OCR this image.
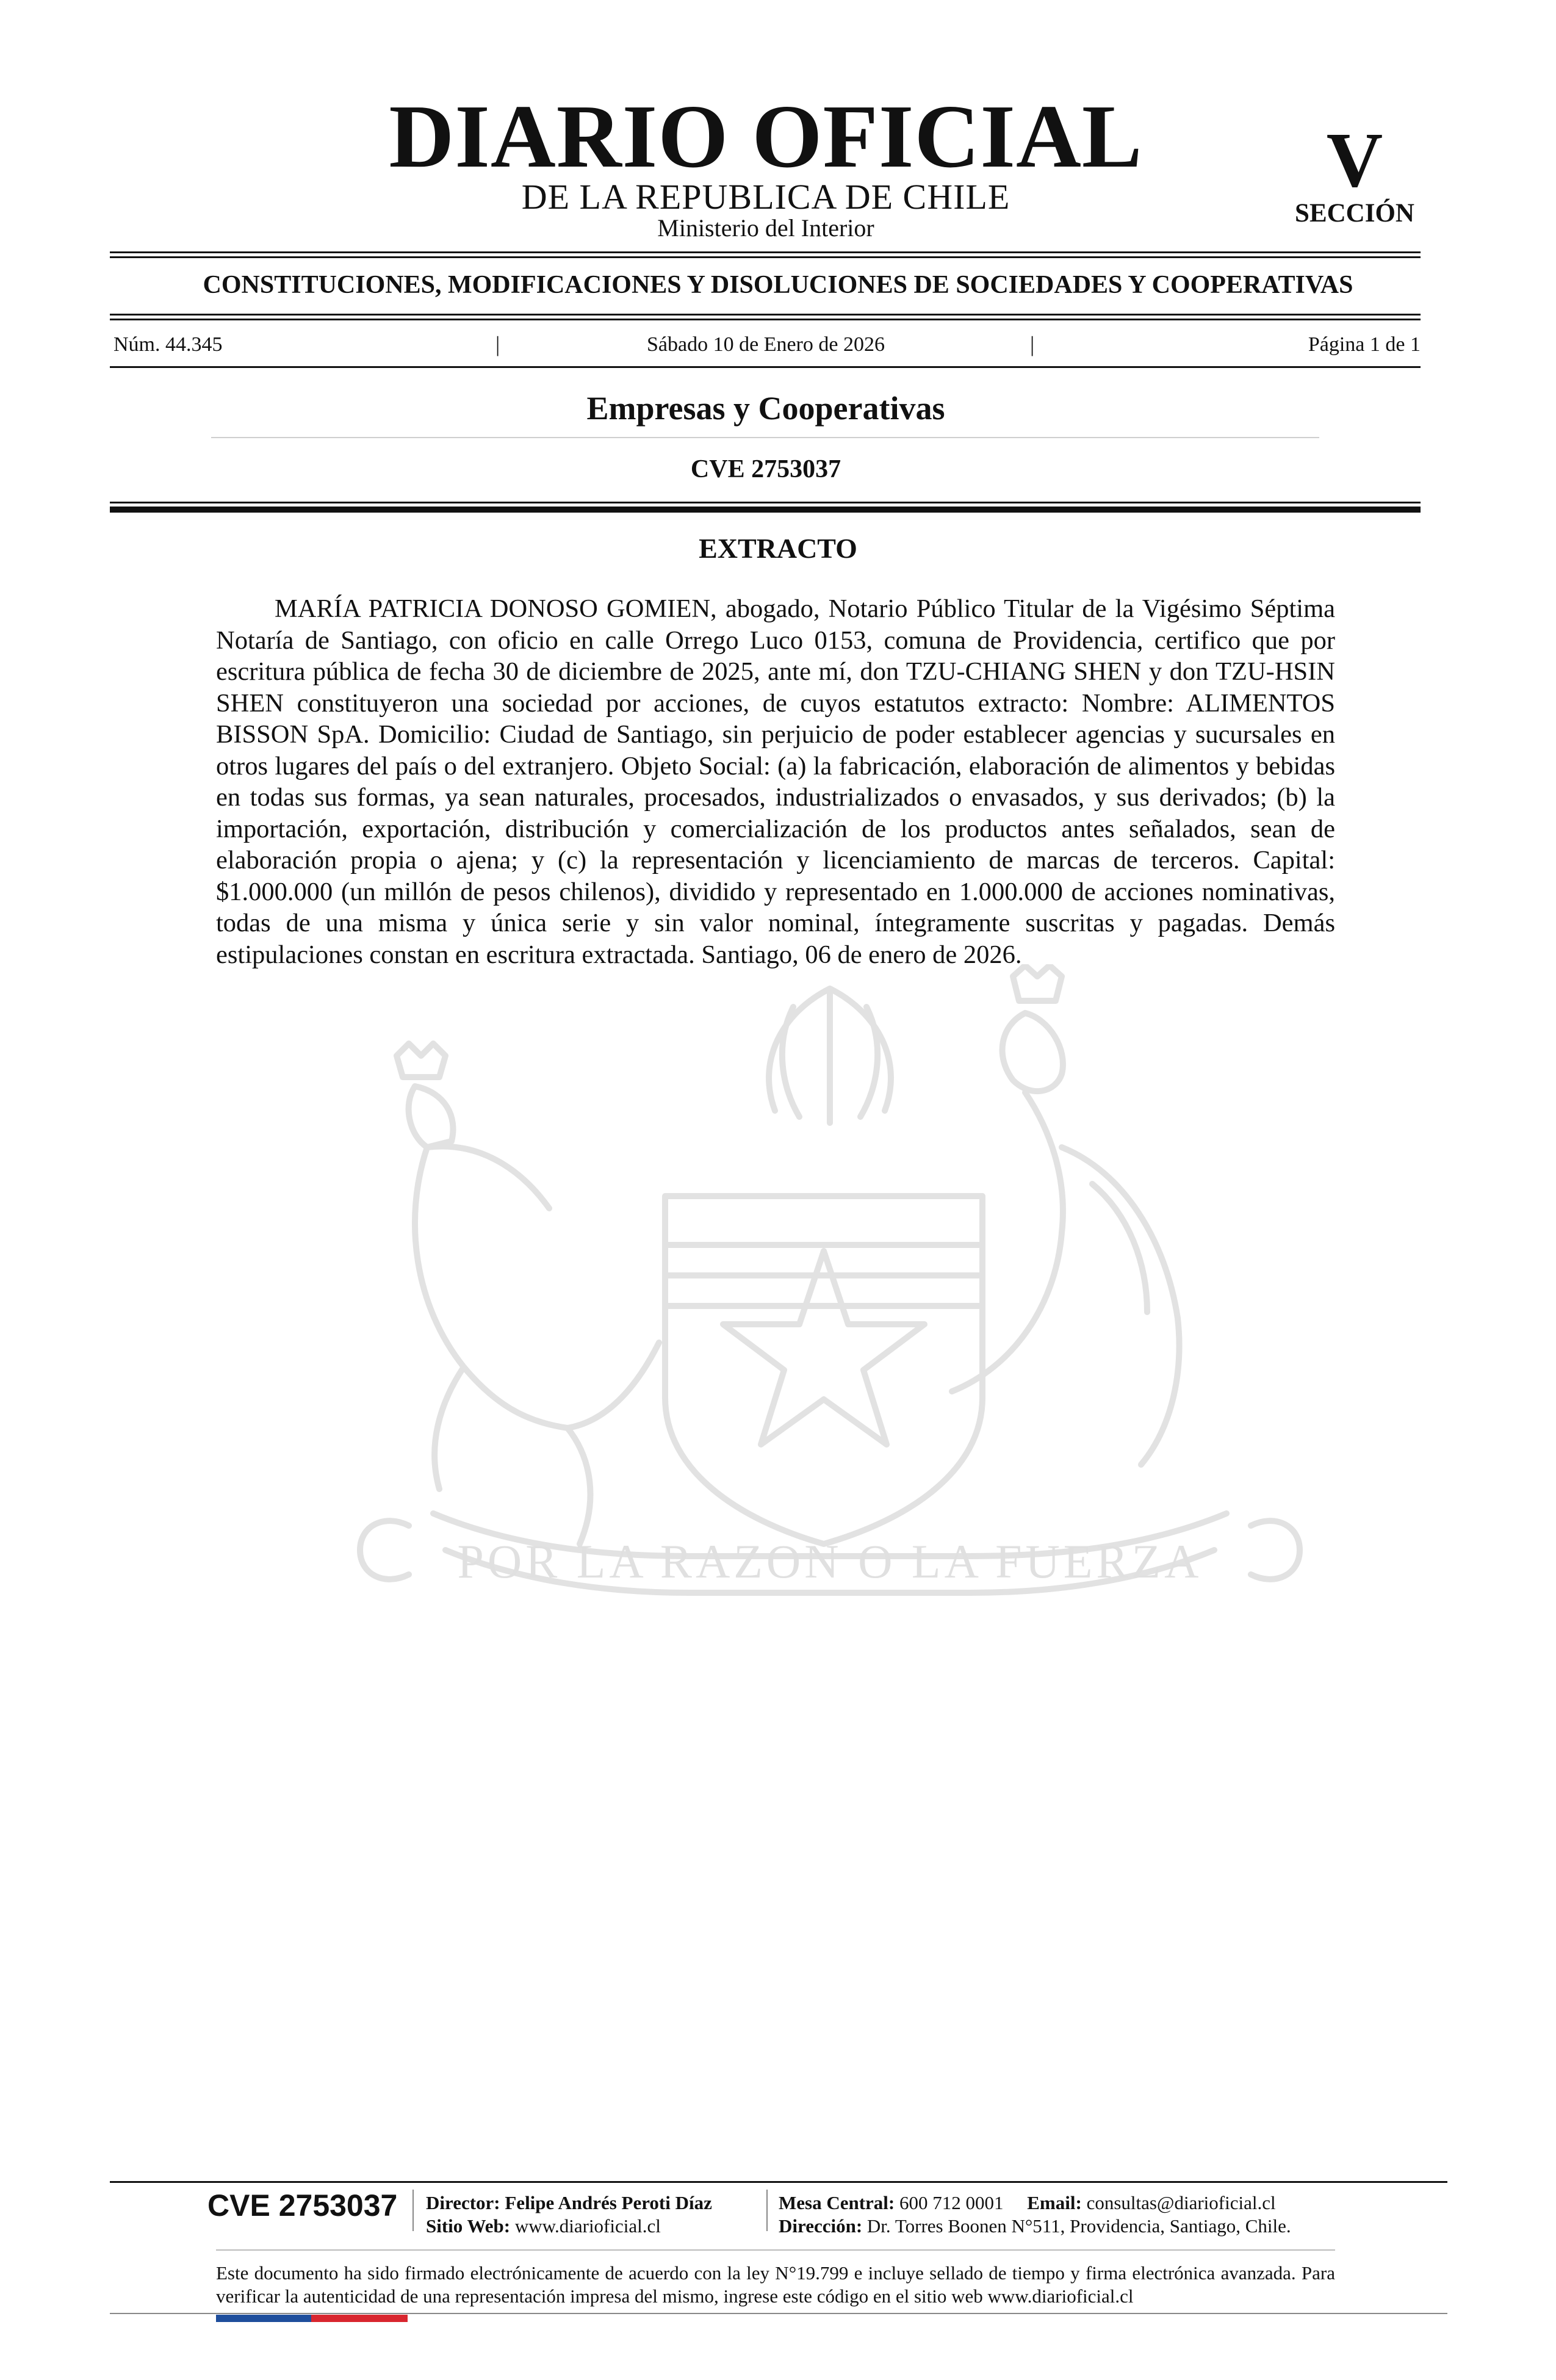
DIARIO OFICIAL
DE LA REPUBLICA DE CHILE
Ministerio del Interior
V
SECCIÓN
CONSTITUCIONES, MODIFICACIONES Y DISOLUCIONES DE SOCIEDADES Y COOPERATIVAS
Núm. 44.345	|	Sábado 10 de Enero de 2026	|	Página 1 de 1
Empresas y Cooperativas
CVE 2753037
POR LA RAZON O LA FUERZA
EXTRACTO

MARÍA PATRICIA DONOSO GOMIEN, abogado, Notario Público Titular de la Vigésimo Séptima Notaría de Santiago, con oficio en calle Orrego Luco 0153, comuna de Providencia, certifico que por escritura pública de fecha 30 de diciembre de 2025, ante mí, don TZU-CHIANG SHEN y don TZU-HSIN SHEN constituyeron una sociedad por acciones, de cuyos estatutos extracto: Nombre: ALIMENTOS BISSON SpA. Domicilio: Ciudad de Santiago, sin perjuicio de poder establecer agencias y sucursales en otros lugares del país o del extranjero. Objeto Social: (a) la fabricación, elaboración de alimentos y bebidas en todas sus formas, ya sean naturales, procesados, industrializados o envasados, y sus derivados; (b) la importación, exportación, distribución y comercialización de los productos antes señalados, sean de elaboración propia o ajena; y (c) la representación y licenciamiento de marcas de terceros. Capital: $1.000.000 (un millón de pesos chilenos), dividido y representado en 1.000.000 de acciones nominativas, todas de una misma y única serie y sin valor nominal, íntegramente suscritas y pagadas. Demás estipulaciones constan en escritura extractada. Santiago, 06 de enero de 2026.

CVE 2753037 Director: Felipe Andrés Peroti Díaz
Sitio Web: www.diarioficial.cl
Mesa Central: 600 712 0001 Email: consultas@diarioficial.cl
Dirección: Dr. Torres Boonen N°511, Providencia, Santiago, Chile.

Este documento ha sido firmado electrónicamente de acuerdo con la ley N°19.799 e incluye sellado de tiempo y firma electrónica avanzada. Para verificar la autenticidad de una representación impresa del mismo, ingrese este código en el sitio web www.diarioficial.cl
